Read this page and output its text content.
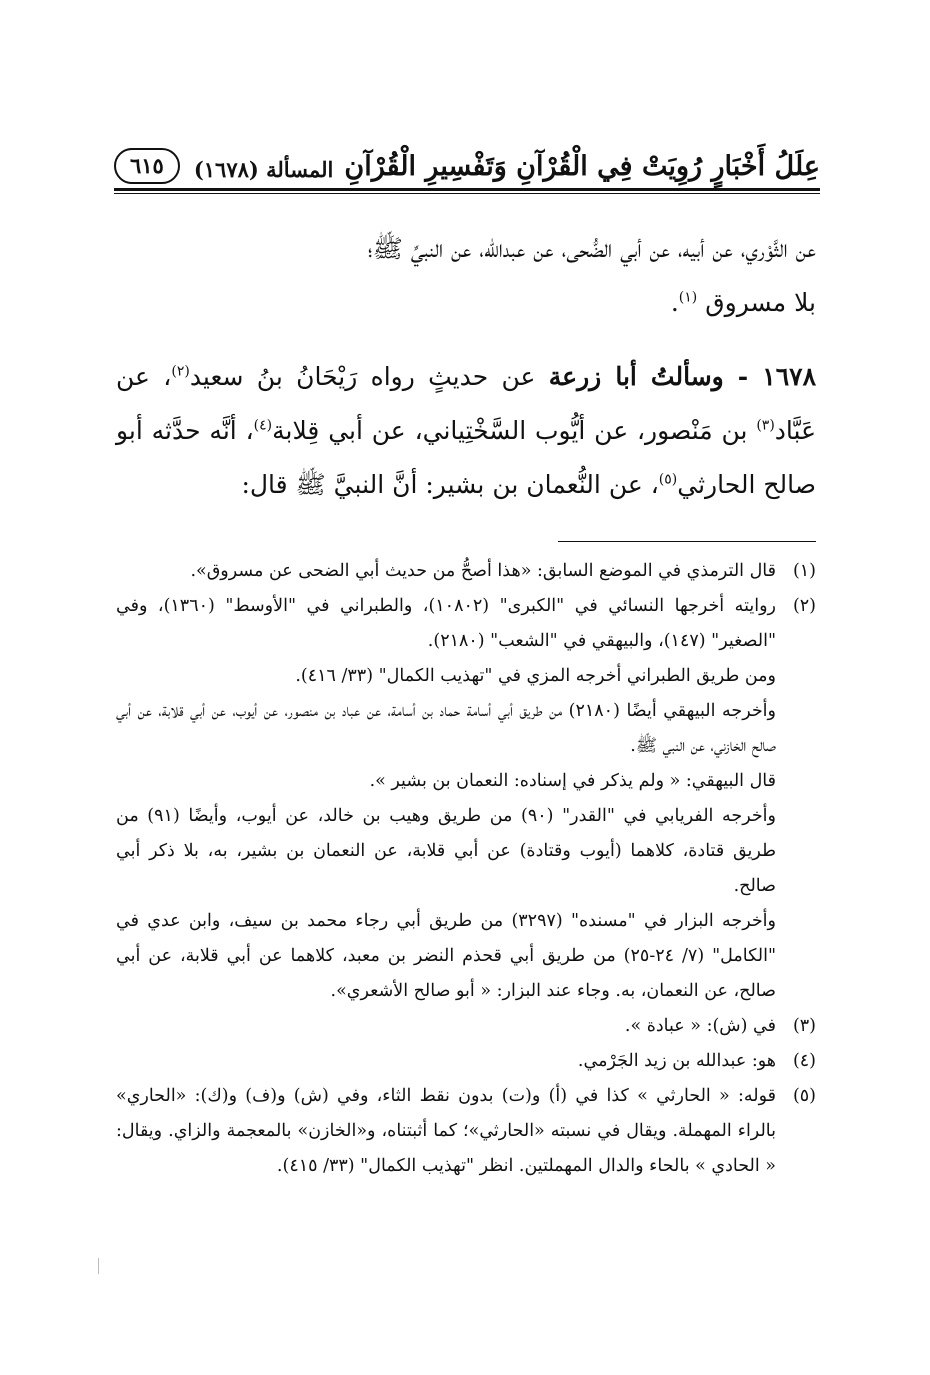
عِلَلُ أَخْبَارٍ رُوِيَتْ فِي الْقُرْآنِ وَتَفْسِيرِ الْقُرْآنِ
المسألة (١٦٧٨)
٦١٥

عن الثَّوْري، عن أبيه، عن أبي الضُّحى، عن عبدالله، عن النبيِّ ﷺ؛
بلا مسروق $^{(١)}$.

١٦٧٨ - وسألتُ أبا زرعة عن حديثٍ رواه رَيْحَانُ بنُ سعيد$^{(٢)}$، عن عَبَّاد$^{(٣)}$ بن مَنْصور، عن أيُّوب السَّخْتِياني، عن أبي قِلابة$^{(٤)}$، أنَّه حدَّثه أبو صالح الحارثي$^{(٥)}$، عن النُّعمان بن بشير: أنَّ النبيَّ ﷺ قال:

(١)

قال الترمذي في الموضع السابق: «هذا أصحُّ من حديث أبي الضحى عن مسروق».

(٢)

روايته أخرجها النسائي في "الكبرى" (١٠٨٠٢)، والطبراني في "الأوسط" (١٣٦٠)، وفي "الصغير" (١٤٧)، والبيهقي في "الشعب" (٢١٨٠).

ومن طريق الطبراني أخرجه المزي في "تهذيب الكمال" (٣٣/ ٤١٦).

وأخرجه البيهقي أيضًا (٢١٨٠) من طريق أبي أسامة حماد بن أسامة، عن عباد بن منصور، عن أيوب، عن أبي قلابة، عن أبي صالح الخازني، عن النبي ﷺ.

قال البيهقي: « ولم يذكر في إسناده: النعمان بن بشير ».

وأخرجه الفريابي في "القدر" (٩٠) من طريق وهيب بن خالد، عن أيوب، وأيضًا (٩١) من طريق قتادة، كلاهما (أيوب وقتادة) عن أبي قلابة، عن النعمان بن بشير، به، بلا ذكر أبي صالح.

وأخرجه البزار في "مسنده" (٣٢٩٧) من طريق أبي رجاء محمد بن سيف، وابن عدي في "الكامل" (٧/ ٢٤-٢٥) من طريق أبي قحذم النضر بن معبد، كلاهما عن أبي قلابة، عن أبي صالح، عن النعمان، به. وجاء عند البزار: « أبو صالح الأشعري».

(٣)

في (ش): « عبادة ».

(٤)

هو: عبدالله بن زيد الجَرْمي.

(٥)

قوله: « الحارثي » كذا في (أ) و(ت) بدون نقط الثاء، وفي (ش) و(ف) و(ك): «الحاري» بالراء المهملة. ويقال في نسبته «الحارثي»؛ كما أثبتناه، و«الخازن» بالمعجمة والزاي. ويقال: « الحادي » بالحاء والدال المهملتين. انظر "تهذيب الكمال" (٣٣/ ٤١٥).
